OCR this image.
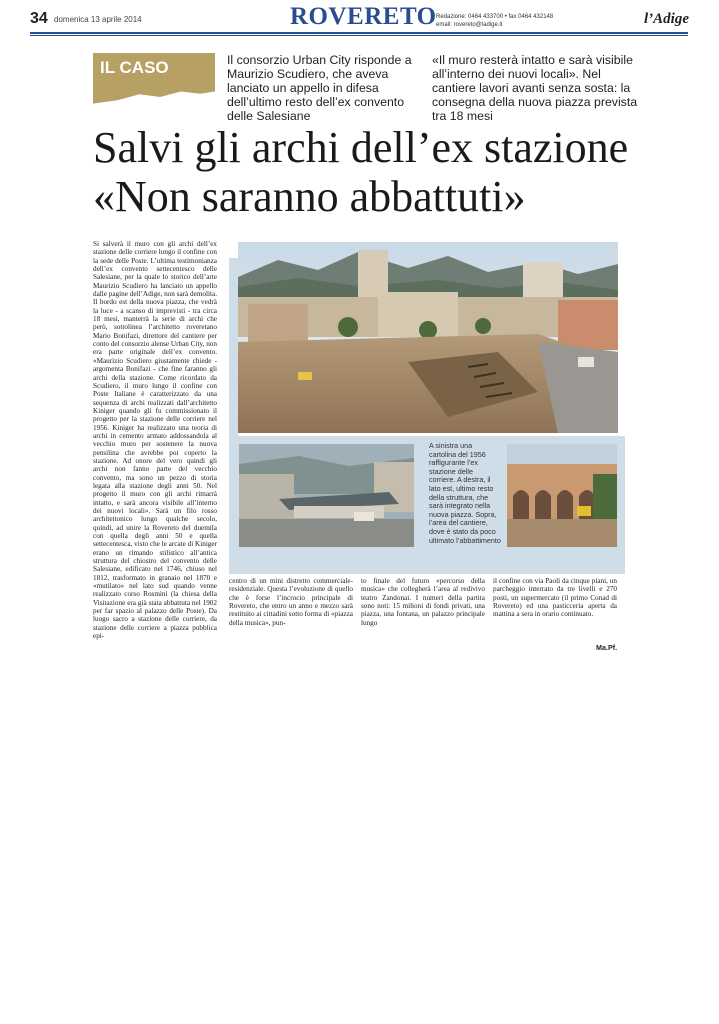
34 domenica 13 aprile 2014	ROVERETO Redazione: 0464 433700 • fax 0464 432148
email: rovereto@ladige.it	l’Adige
IL CASO	Il consorzio Urban City risponde a Maurizio Scudiero, che aveva lanciato un appello in difesa dell’ultimo resto dell’ex convento delle Salesiane
«Il muro resterà intatto e sarà visibile all’interno dei nuovi locali». Nel cantiere lavori avanti senza sosta: la consegna della nuova piazza prevista tra 18 mesi
Salvi gli archi dell’ex stazione
«Non saranno abbattuti»
A sinistra una cartolina del 1956 raffigurante l’ex stazione delle corriere. A destra, il lato est, ultimo resto della struttura, che sarà integrato nella nuova piazza. Sopra, l’area del cantiere, dove è stato da poco ultimato l’abbattimento
Si salverà il muro con gli archi dell’ex stazione delle corriere lungo il confine con la sede delle Poste. L’ultima testimonianza dell’ex convento settecentesco delle Salesiane, per la quale lo storico dell’arte Maurizio Scudiero ha lanciato un appello dalle pagine dell’Adige, non sarà demolita. Il bordo est della nuova piazza, che vedrà la luce - a scanso di imprevisti - tra circa 18 mesi, manterrà la serie di archi che però, sottolinea l’architetto roveretano Mario Bonifazi, direttore del cantiere per conto del consorzio alense Urban City, non era parte originale dell’ex convento. «Maurizio Scudiero giustamente chiede - argomenta Bonifazi - che fine faranno gli archi della stazione. Come ricordato da Scudiero, il muro lungo il confine con Poste Italiane è caratterizzato da una sequenza di archi realizzati dall’architetto Kiniger quando gli fu commissionato il progetto per la stazione delle corriere nel 1956. Kiniger ha realizzato una teoria di archi in cemento armato addossandola al vecchio muro per sostenere la nuova pensilina che avrebbe poi coperto la stazione. Ad onore del vero quindi gli archi non fanno parte del vecchio convento, ma sono un pezzo di storia legata alla stazione degli anni 50. Nel progetto il muro con gli archi rimarrà intatto, e sarà ancora visibile all’interno dei nuovi locali». Sarà un filo rosso architettonico lungo qualche secolo, quindi, ad unire la Rovereto del duemila con quella degli anni 50 e quella settecentesca, visto che le arcate di Kiniger erano un rimando stilistico all’antica struttura del chiostro del convento delle Salesiane, edificato nel 1746, chiuso nel 1812, trasformato in granaio nel 1870 e «mutilato» nel lato sud quando venne realizzato corso Rosmini (la chiesa della Visitazione era già stata abbattuta nel 1902 per far spazio al palazzo delle Poste). Da luogo sacro a stazione delle corriere, da stazione delle corriere a piazza pubblica epi-
centro di un mini distretto commerciale-residenziale. Questa l’evoluzione di quello che è forse l’incrocio principale di Rovereto, che entro un anno e mezzo sarà restituito ai cittadini sotto forma di «piazza della musica», pun-
to finale del futuro «percorso della musica» che collegherà l’area al redivivo teatro Zandonai. I numeri della partita sono noti: 15 milioni di fondi privati, una piazza, una fontana, un palazzo principale lungo
il confine con via Paoli da cinque piani, un parcheggio interrato da tre livelli e 270 posti, un supermercato (il primo Conad di Rovereto) ed una pasticceria aperta da mattina a sera in orario continuato.
Ma.Pf.
